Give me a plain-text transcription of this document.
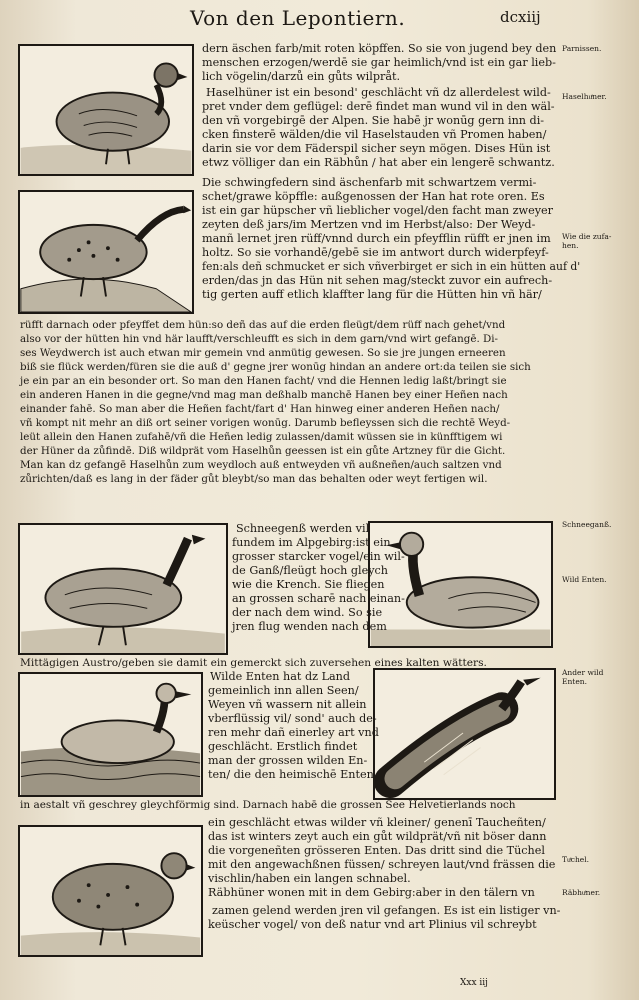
Von den Lepontiern.	dcxiij
dern äschen farb/mit roten köpffen. So sie von jugend bey den
menschen erzogen/werdē sie gar heimlich/vnd ist ein gar lieb-
lich vögelin/darzů ein gůts wilpråt.
Haselhüner ist ein besond' geschlächt vñ dz allerdelest wild-
pret vnder dem geflügel: derē findet man wund vil in den wäl-
den vñ vorgebirgē der Alpen. Sie habē jr wonūg gern inn di-
cken finsterē wälden/die vil Haselstauden vñ Promen haben/
darin sie vor dem Fäderspil sicher seyn mögen. Dises Hün ist
etwz völliger dan ein Räbhůn / hat aber ein lengerē schwantz.
Die schwingfedern sind äschenfarb mit schwartzem vermi-
schet/grawe köpffle: außgenossen der Han hat rote oren. Es
ist ein gar hüpscher vñ lieblicher vogel/den facht man zweyer
zeyten deß jars/im Mertzen vnd im Herbst/also: Der Weyd-
manñ lernet jren rüff/vnnd durch ein pfeyfflin rüfft er jnen im
holtz. So sie vorhandē/gebē sie im antwort durch widerpfeyf-
fen:als deñ schmucket er sich vñverbirget er sich in ein hütten auf d'
erden/das jn das Hün nit sehen mag/steckt zuvor ein aufrech-
tig gerten auff etlich klaffter lang für die Hütten hin vñ här/
rüfft darnach oder pfeyffet dem hün:so deñ das auf die erden fleügt/dem rüff nach gehet/vnd
also vor der hütten hin vnd här laufft/verschleufft es sich in dem garn/vnd wirt gefangē. Di-
ses Weydwerch ist auch etwan mir gemein vnd anmütig gewesen. So sie jre jungen erneeren
biß sie flück werden/füren sie die auß d' gegne jrer wonūg hindan an andere ort:da teilen sie sich
je ein par an ein besonder ort. So man den Hanen facht/ vnd die Hennen ledig laßt/bringt sie
ein anderen Hanen in die gegne/vnd mag man deßhalb manchē Hanen bey einer Heñen nach
einander fahē. So man aber die Heñen facht/fart d' Han hinweg einer anderen Heñen nach/
vñ kompt nit mehr an diß ort seiner vorigen wonūg. Darumb befleyssen sich die rechtē Weyd-
leüt allein den Hanen zufahē/vñ die Heñen ledig zulassen/damit wüssen sie in künfftigem wi
der Hüner da zůfindē. Diß wildprät vom Haselhůn geessen ist ein gůte Artzney für die Gicht.
Man kan dz gefangē Haselhůn zum weydloch auß entweyden vñ außneñen/auch saltzen vnd
zůrichten/daß es lang in der fäder gůt bleybt/so man das behalten oder weyt fertigen wil.
Schneegenß werden vil
fundem im Alpgebirg:ist ein
grosser starcker vogel/ein wil-
de Ganß/fleügt hoch gleych
wie die Krench. Sie fliegen
an grossen scharē nach einan-
der nach dem wind. So sie
jren flug wenden nach dem
Mittägigen Austro/geben sie damit ein gemerckt sich zuversehen eines kalten wätters.
Wilde Enten hat dz Land
gemeinlich inn allen Seen/
Weyen vñ wassern nit allein
vberflüssig vil/ sond' auch de-
ren mehr dañ einerley art vnd
geschlächt. Erstlich findet
man der grossen wilden En-
ten/ die den heimischē Enten
in aestalt vñ geschrey gleychförmig sind. Darnach habē die grossen See Helvetierlands noch
ein geschlächt etwas wilder vñ kleiner/ genenī Taucheñten/
das ist winters zeyt auch ein gůt wildprät/vñ nit böser dann
die vorgeneñten grösseren Enten. Das dritt sind die Tüchel
mit den angewachßnen füssen/ schreyen laut/vnd frässen die
vischlin/haben ein langen schnabel.
Räbhüner wonen mit in dem Gebirg:aber in den tälern vn
zamen gelend werden jren vil gefangen. Es ist ein listiger vn-
keüscher vogel/ von deß natur vnd art Plinius vil schreybt
Xxx iij
Parnissen.
Haselhuͤner.
Wie die zufa-
hen.
Schneeganß.
Wild Enten.
Ander wild
Enten.
Tuͤchel.
Räbhuͤner.
